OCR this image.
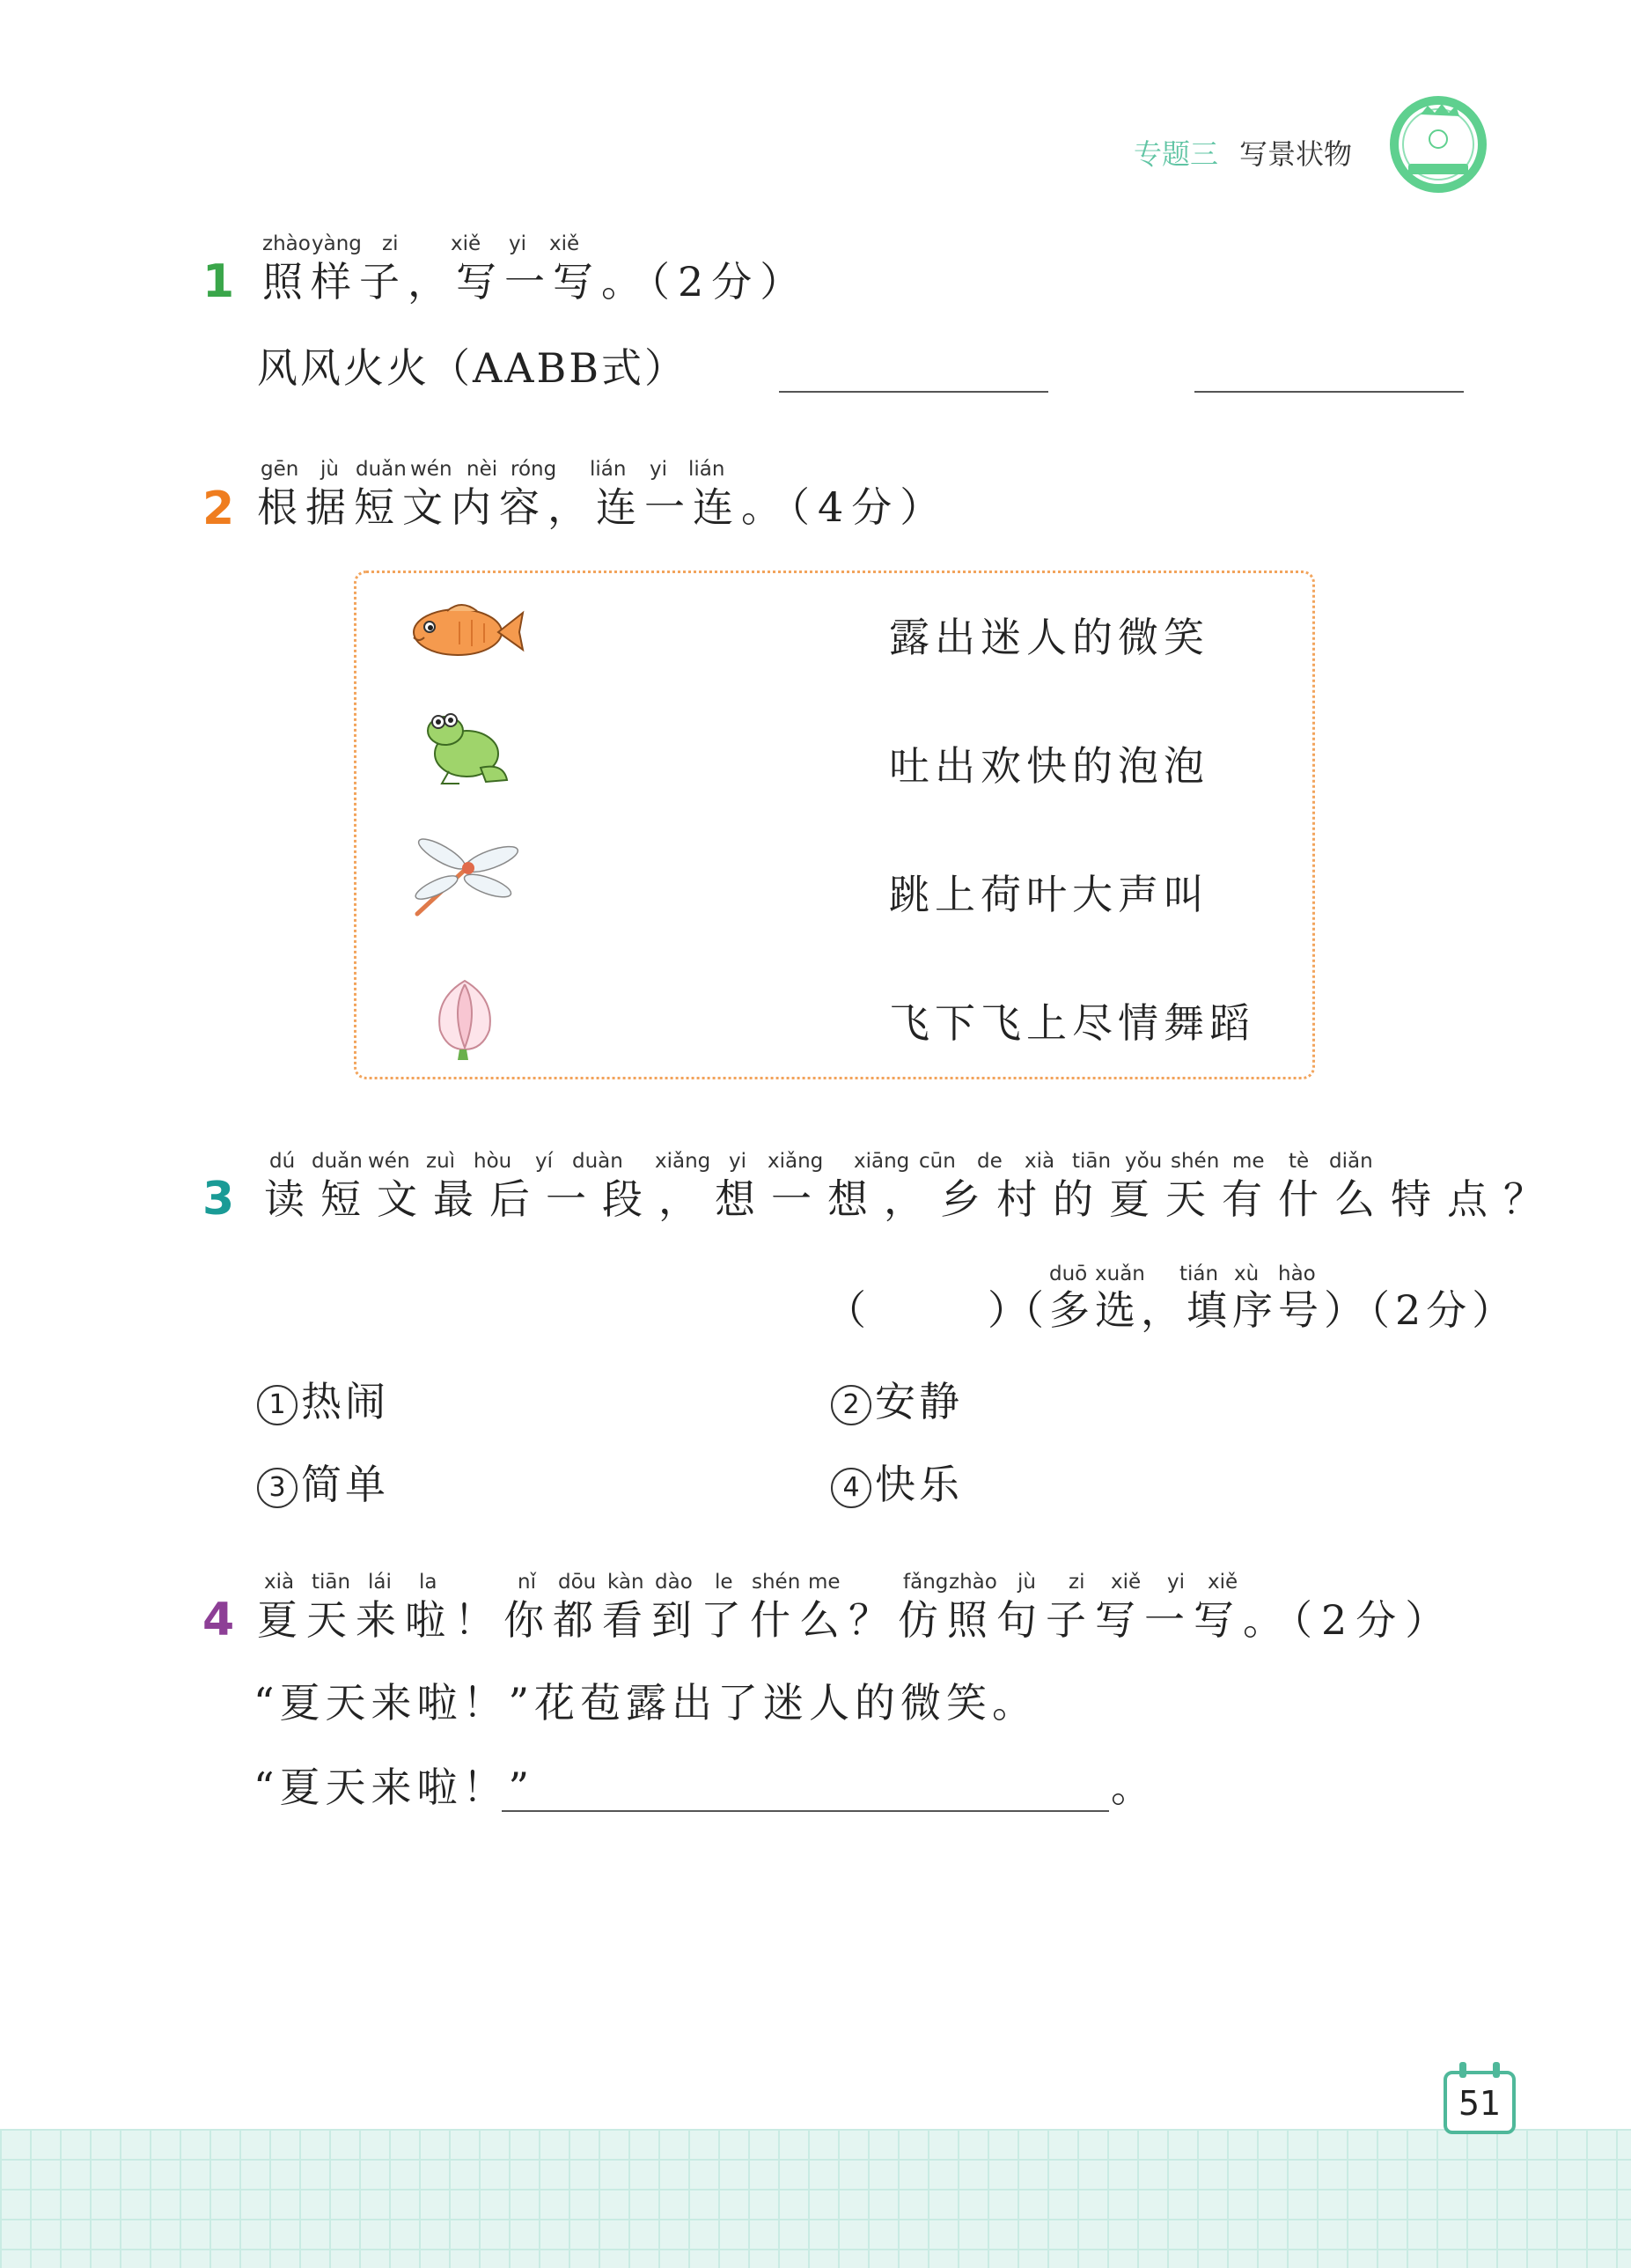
专题三 写景状物
1
zhào yàng zi	xiě yi xiě
照样子，写一写。（2分）
风风火火（AABB式）
2
gēn jù duǎn wén nèi róng lián yi lián
根据短文内容，连一连。（4分）
露出迷人的微笑
吐出欢快的泡泡
跳上荷叶大声叫
飞下飞上尽情舞蹈
3
dú duǎn wén zuì hòu yí duàn xiǎng yi xiǎng xiāng cūn de xià tiān yǒu shén me tè diǎn
读短文最后一段，想一想，乡村的夏天有什么特点？
duō xuǎn tián xù hào
（　　　）
（多选，填序号）（2分）
1 热闹	2 安静
3 简单	4 快乐
4
xià tiān lái la	nǐ dōu kàn dào le shén me	fǎng zhào jù zi xiě yi xiě
夏天来啦！你都看到了什么？仿照句子写一写。（2分）
“夏天来啦！”花苞露出了迷人的微笑。
“夏天来啦！”	。
51
